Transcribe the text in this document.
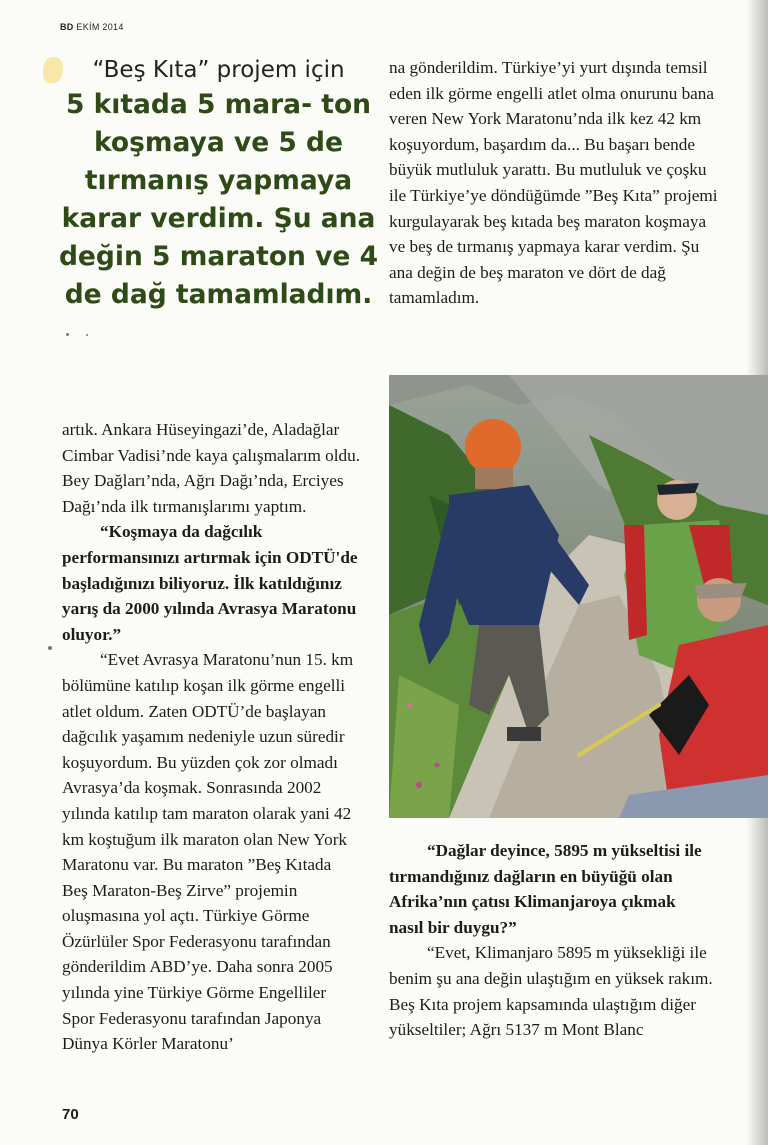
BD EKİM 2014
“Beş Kıta” projem için
5 kıtada 5 mara- ton koşmaya ve 5 de tırmanış yapmaya karar verdim. Şu ana değin 5 maraton ve 4 de dağ tamamladım.

artık. Ankara Hüseyingazi’de, Aladağlar Cimbar Vadisi’nde kaya çalışmalarım oldu. Bey Dağları’nda, Ağrı Dağı’nda, Erciyes Dağı’nda ilk tırmanışlarımı yaptım.

“Koşmaya da dağcılık performansınızı artırmak için ODTÜ'de başladığınızı biliyoruz. İlk katıldığınız yarış da 2000 yılında Avrasya Maratonu oluyor.”

“Evet Avrasya Maratonu’nun 15. km bölümüne katılıp koşan ilk görme engelli atlet oldum. Zaten ODTÜ’de başlayan dağcılık yaşamım nedeniyle uzun süredir koşuyordum. Bu yüzden çok zor olmadı Avrasya’da koşmak. Sonrasında 2002 yılında katılıp tam maraton olarak yani 42 km koştuğum ilk maraton olan New York Maratonu var. Bu maraton ”Beş Kıtada Beş Maraton-Beş Zirve” projemin oluşmasına yol açtı. Türkiye Görme Özürlüler Spor Federasyonu tarafından gönderildim ABD’ye. Daha sonra 2005 yılında yine Türkiye Görme Engelliler Spor Federasyonu tarafından Japonya Dünya Körler Maratonu’

na gönderildim. Türkiye’yi yurt dışında temsil eden ilk görme engelli atlet olma onurunu bana veren New York Maratonu’nda ilk kez 42 km koşuyordum, başardım da... Bu başarı bende büyük mutluluk yarattı. Bu mutluluk ve çoşku ile Türkiye’ye döndüğümde ”Beş Kıta” projemi kurgulayarak beş kıtada beş maraton koşmaya ve beş de tırmanış yapmaya karar verdim. Şu ana değin de beş maraton ve dört de dağ tamamladım.

“Dağlar deyince, 5895 m yükseltisi ile tırmandığınız dağların en büyüğü olan Afrika’nın çatısı Klimanjaroya çıkmak nasıl bir duygu?”

“Evet, Klimanjaro 5895 m yüksekliği ile benim şu ana değin ulaştığım en yüksek rakım. Beş Kıta projem kapsamında ulaştığım diğer yükseltiler; Ağrı 5137 m Mont Blanc

70
